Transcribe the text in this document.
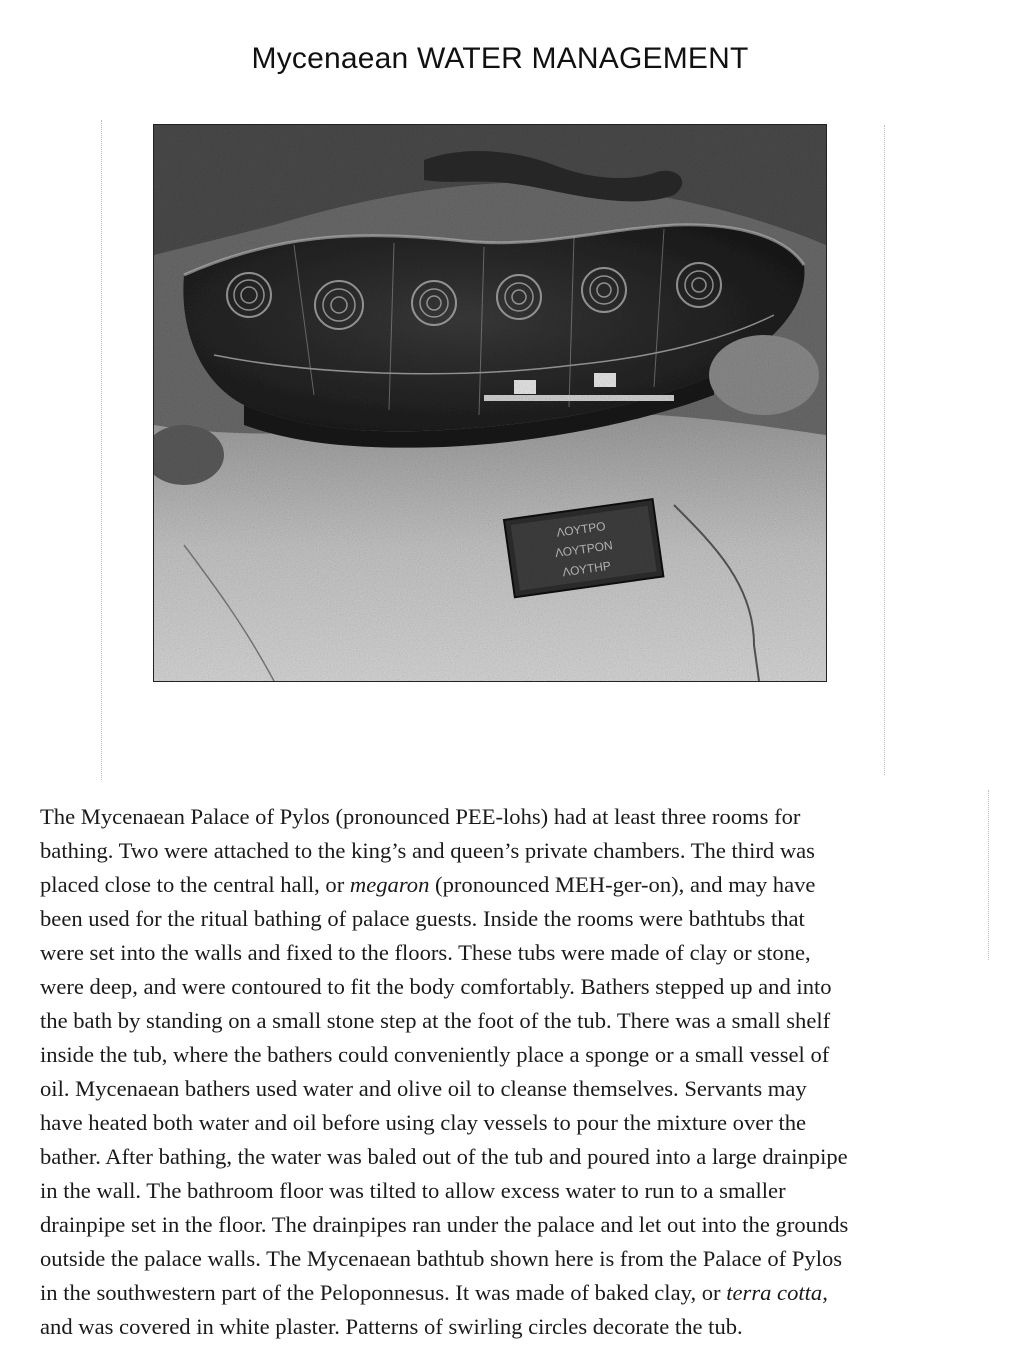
Mycenaean WATER MANAGEMENT
ΛΟΥΤΡΟ
ΛΟΥΤΡΟΝ
ΛΟΥΤΗΡ

The Mycenaean Palace of Pylos (pronounced PEE-lohs) had at least three rooms for
bathing. Two were attached to the king’s and queen’s private chambers. The third was
placed close to the central hall, or megaron (pronounced MEH-ger-on), and may have
been used for the ritual bathing of palace guests. Inside the rooms were bathtubs that
were set into the walls and fixed to the floors. These tubs were made of clay or stone,
were deep, and were contoured to fit the body comfortably. Bathers stepped up and into
the bath by standing on a small stone step at the foot of the tub. There was a small shelf
inside the tub, where the bathers could conveniently place a sponge or a small vessel of
oil. Mycenaean bathers used water and olive oil to cleanse themselves. Servants may
have heated both water and oil before using clay vessels to pour the mixture over the
bather. After bathing, the water was baled out of the tub and poured into a large drainpipe
in the wall. The bathroom floor was tilted to allow excess water to run to a smaller
drainpipe set in the floor. The drainpipes ran under the palace and let out into the grounds
outside the palace walls. The Mycenaean bathtub shown here is from the Palace of Pylos
in the southwestern part of the Peloponnesus. It was made of baked clay, or terra cotta,
and was covered in white plaster. Patterns of swirling circles decorate the tub.
